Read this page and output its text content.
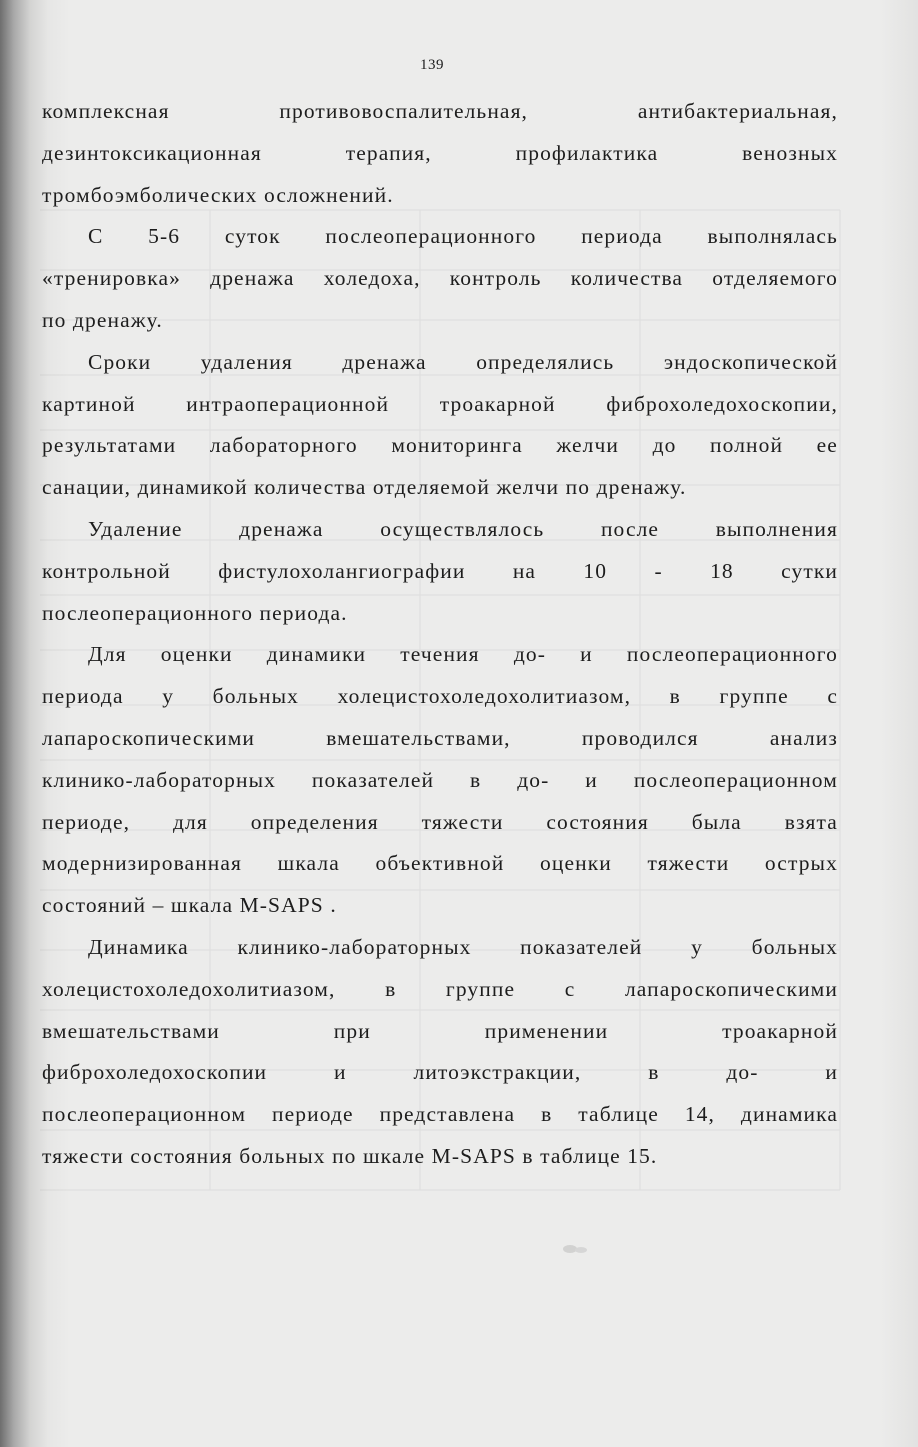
139
комплексная	противовоспалительная,	антибактериальная,
дезинтоксикационная	терапия,	профилактика	венозных
тромбоэмболических осложнений.
С 5-6 суток послеоперационного периода выполнялась
«тренировка» дренажа холедоха, контроль количества отделяемого
по дренажу.
Сроки удаления дренажа определялись эндоскопической
картиной интраоперационной троакарной фиброхоледохоскопии,
результатами лабораторного мониторинга желчи до полной ее
санации, динамикой количества отделяемой желчи по дренажу.
Удаление	дренажа	осуществлялось	после	выполнения
контрольной фистулохолангиографии на 10 - 18 сутки
послеоперационного периода.
Для оценки динамики течения до- и послеоперационного
периода у больных холецистохоледохолитиазом, в группе с
лапароскопическими	вмешательствами,	проводился	анализ
клинико-лабораторных показателей в до- и послеоперационном
периоде, для определения тяжести состояния была взята
модернизированная шкала объективной оценки тяжести острых
состояний – шкала M-SAPS .
Динамика клинико-лабораторных показателей у больных
холецистохоледохолитиазом, в группе с лапароскопическими
вмешательствами	при	применении	троакарной
фиброхоледохоскопии	и	литоэкстракции,	в	до-	и
послеоперационном периоде представлена в таблице 14, динамика
тяжести состояния больных по шкале M-SAPS в таблице 15.
